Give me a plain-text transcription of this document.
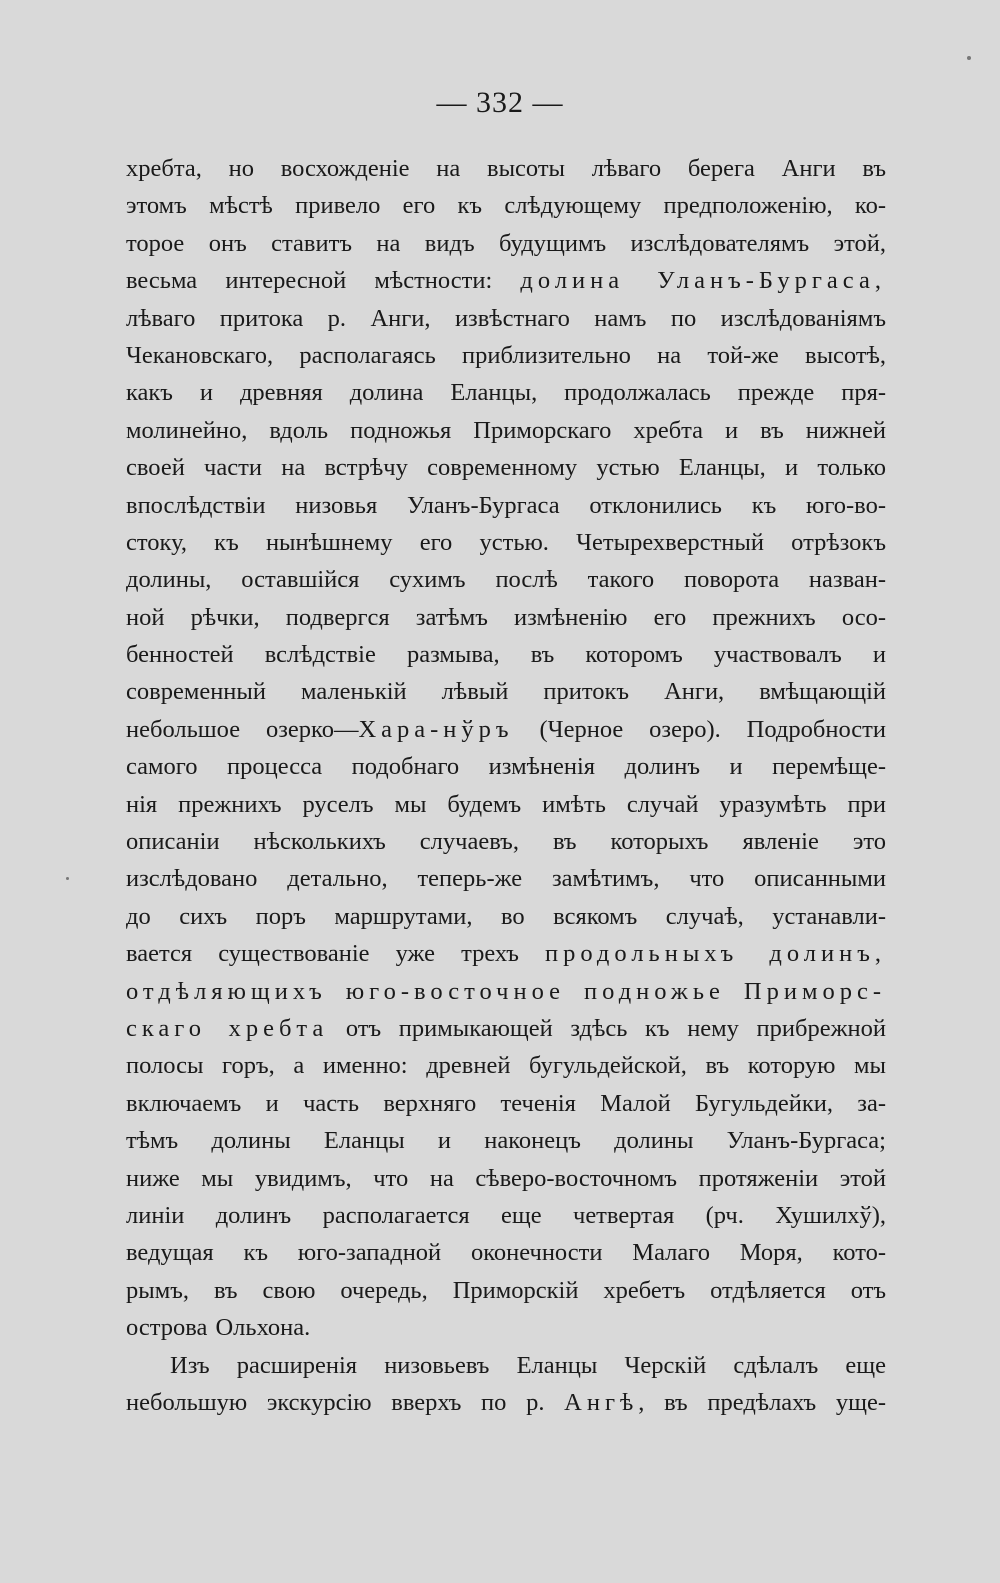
— 332 —
хребта, но восхожденіе на высоты лѣваго берега Анги въ
этомъ мѣстѣ привело его къ слѣдующему предположенію, ко-
торое онъ ставитъ на видъ будущимъ изслѣдователямъ этой,
весьма интересной мѣстности: долина Уланъ-Бургаса,
лѣваго притока р. Анги, извѣстнаго намъ по изслѣдованіямъ
Чекановскаго, располагаясь приблизительно на той-же высотѣ,
какъ и древняя долина Еланцы, продолжалась прежде пря-
молинейно, вдоль подножья Приморскаго хребта и въ нижней
своей части на встрѣчу современному устью Еланцы, и только
впослѣдствіи низовья Уланъ-Бургаса отклонились къ юго-во-
стоку, къ нынѣшнему его устью. Четырехверстный отрѣзокъ
долины, оставшійся сухимъ послѣ такого поворота назван-
ной рѣчки, подвергся затѣмъ измѣненію его прежнихъ осо-
бенностей вслѣдствіе размыва, въ которомъ участвовалъ и
современный маленькій лѣвый притокъ Анги, вмѣщающій
небольшое озерко—Хара-нўръ (Черное озеро). Подробности
самого процесса подобнаго измѣненія долинъ и перемѣще-
нія прежнихъ руселъ мы будемъ имѣть случай уразумѣть при
описаніи нѣсколькихъ случаевъ, въ которыхъ явленіе это
изслѣдовано детально, теперь-же замѣтимъ, что описанными
до сихъ поръ маршрутами, во всякомъ случаѣ, устанавли-
вается существованіе уже трехъ продольныхъ долинъ,
отдѣляющихъ юго-восточное подножье Приморс-
скаго хребта отъ примыкающей здѣсь къ нему прибрежной
полосы горъ, а именно: древней бугульдейской, въ которую мы
включаемъ и часть верхняго теченія Малой Бугульдейки, за-
тѣмъ долины Еланцы и наконецъ долины Уланъ-Бургаса;
ниже мы увидимъ, что на сѣверо-восточномъ протяженіи этой
линіи долинъ располагается еще четвертая (рч. Хушилхў),
ведущая къ юго-западной оконечности Малаго Моря, кото-
рымъ, въ свою очередь, Приморскій хребетъ отдѣляется отъ
острова Ольхона.
Изъ расширенія низовьевъ Еланцы Черскій сдѣлалъ еще
небольшую экскурсію вверхъ по р. Ангѣ, въ предѣлахъ уще-
